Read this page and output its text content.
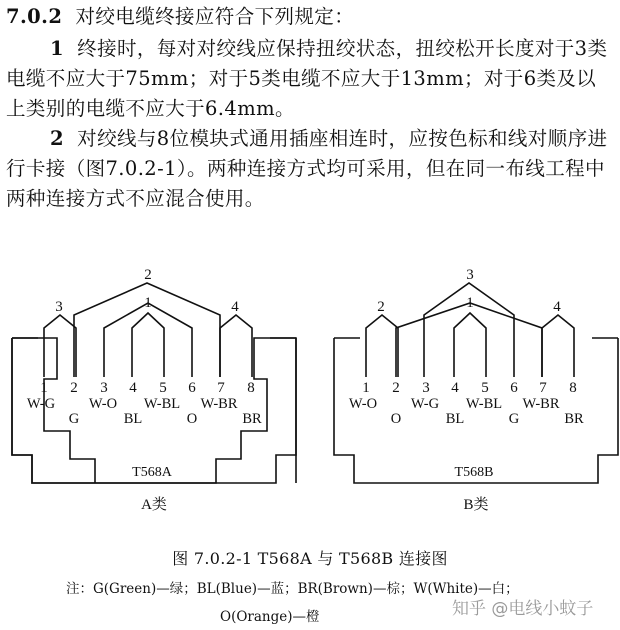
7.0.2 对绞电缆终接应符合下列规定：
1 终接时，每对对绞线应保持扭绞状态，扭绞松开长度对于3类电缆不应大于75mm；对于5类电缆不应大于13mm；对于6类及以上类别的电缆不应大于6.4mm。
2 对绞线与8位模块式通用插座相连时，应按色标和线对顺序进行卡接（图7.0.2-1）。两种连接方式均可采用，但在同一布线工程中两种连接方式不应混合使用。
3
2
1	4
1 2 3 4 5 6 7 8
W-G
G
W-O
BL
W-BL
O
W-BR
BR
T568A
A类
2
3
1	4
1 2 3 4 5 6 7 8
W-O
O
W-G
BL
W-BL
G
W-BR
BR
T568B
B类
图 7.0.2-1 T568A 与 T568B 连接图
注：G(Green)—绿；BL(Blue)—蓝；BR(Brown)—棕；W(White)—白；
O(Orange)—橙	知乎 @电线小蚊子
